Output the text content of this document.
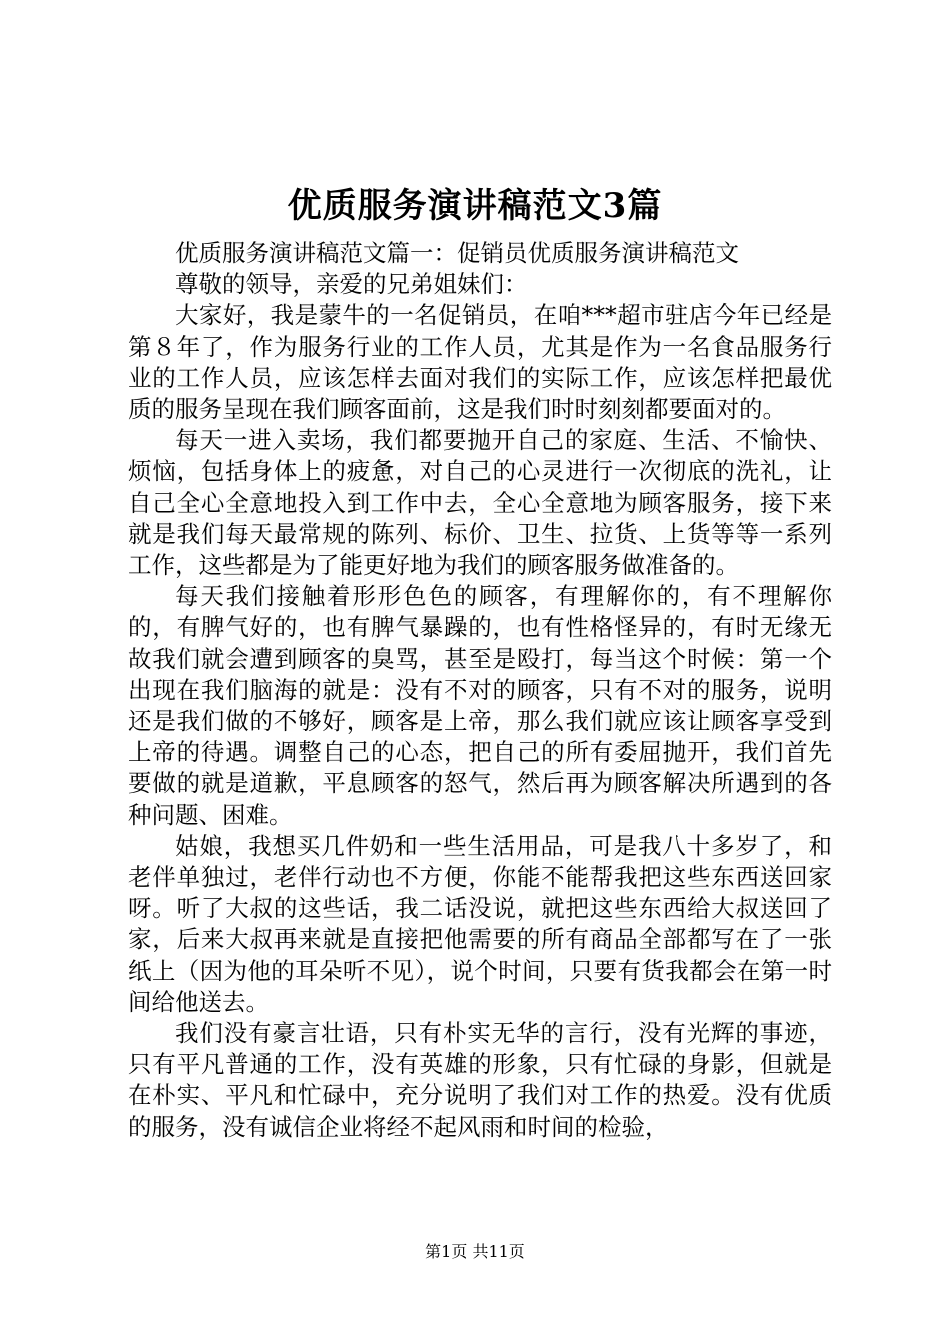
优质服务演讲稿范文3篇

优质服务演讲稿范文篇一：促销员优质服务演讲稿范文

尊敬的领导，亲爱的兄弟姐妹们：

大家好，我是蒙牛的一名促销员，在咱***超市驻店今年已经是第８年了，作为服务行业的工作人员，尤其是作为一名食品服务行业的工作人员，应该怎样去面对我们的实际工作，应该怎样把最优质的服务呈现在我们顾客面前，这是我们时时刻刻都要面对的。

每天一进入卖场，我们都要抛开自己的家庭、生活、不愉快、烦恼，包括身体上的疲惫，对自己的心灵进行一次彻底的洗礼，让自己全心全意地投入到工作中去，全心全意地为顾客服务，接下来就是我们每天最常规的陈列、标价、卫生、拉货、上货等等一系列工作，这些都是为了能更好地为我们的顾客服务做准备的。

每天我们接触着形形色色的顾客，有理解你的，有不理解你的，有脾气好的，也有脾气暴躁的，也有性格怪异的，有时无缘无故我们就会遭到顾客的臭骂，甚至是殴打，每当这个时候：第一个出现在我们脑海的就是：没有不对的顾客，只有不对的服务，说明还是我们做的不够好，顾客是上帝，那么我们就应该让顾客享受到上帝的待遇。调整自己的心态，把自己的所有委屈抛开，我们首先要做的就是道歉，平息顾客的怒气，然后再为顾客解决所遇到的各种问题、困难。

姑娘，我想买几件奶和一些生活用品，可是我八十多岁了，和老伴单独过，老伴行动也不方便，你能不能帮我把这些东西送回家呀。听了大叔的这些话，我二话没说，就把这些东西给大叔送回了家，后来大叔再来就是直接把他需要的所有商品全部都写在了一张纸上（因为他的耳朵听不见），说个时间，只要有货我都会在第一时间给他送去。

我们没有豪言壮语，只有朴实无华的言行，没有光辉的事迹，只有平凡普通的工作，没有英雄的形象，只有忙碌的身影，但就是在朴实、平凡和忙碌中，充分说明了我们对工作的热爱。没有优质的服务，没有诚信企业将经不起风雨和时间的检验，

第1页 共11页
